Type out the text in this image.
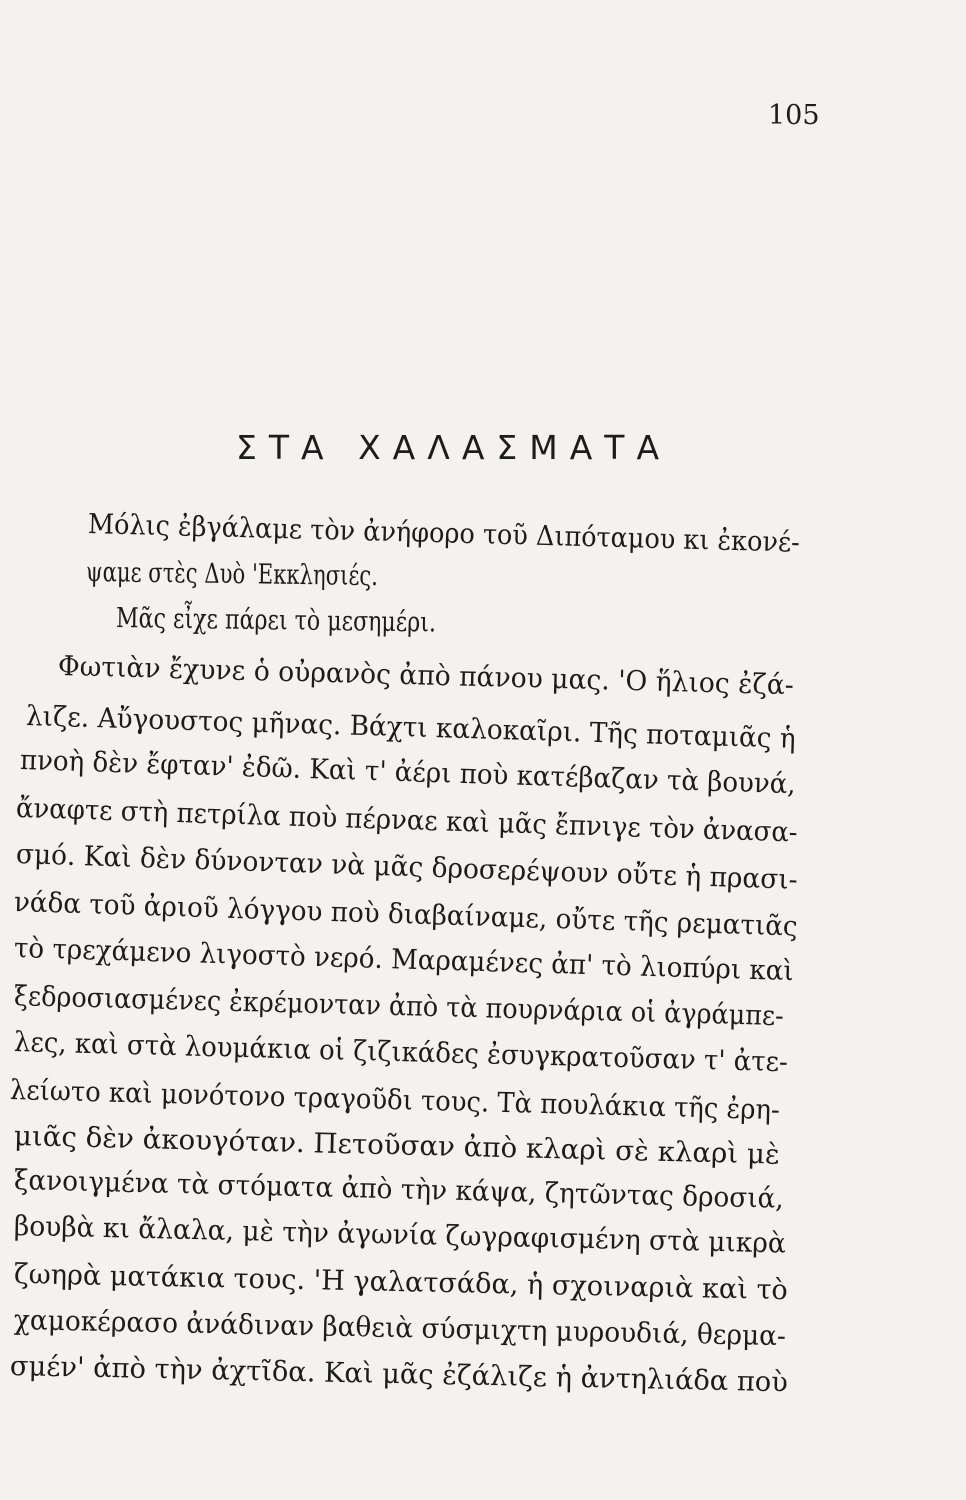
105
ΣΤΑ ΧΑΛΑΣΜΑΤΑ
Μόλις ἐβγάλαμε τὸν ἀνήφορο τοῦ Διπόταμου κι ἐκονέ-
ψαμε στὲς Δυὸ 'Εκκλησιές.
Μᾶς εἶχε πάρει τὸ μεσημέρι.
Φωτιὰν ἔχυνε ὁ οὐρανὸς ἀπὸ πάνου μας. 'Ο ἥλιος ἐζά-
λιζε. Αὔγουστος μῆνας. Βάχτι καλοκαῖρι. Τῆς ποταμιᾶς ἡ
πνοὴ δὲν ἔφταν' ἐδῶ. Καὶ τ' ἀέρι ποὺ κατέβαζαν τὰ βουνά,
ἄναφτε στὴ πετρίλα ποὺ πέρναε καὶ μᾶς ἔπνιγε τὸν ἀνασα-
σμό. Καὶ δὲν δύνονταν νὰ μᾶς δροσερέψουν οὔτε ἡ πρασι-
νάδα τοῦ ἀριοῦ λόγγου ποὺ διαβαίναμε, οὔτε τῆς ρεματιᾶς
τὸ τρεχάμενο λιγοστὸ νερό. Μαραμένες ἀπ' τὸ λιοπύρι καὶ
ξεδροσιασμένες ἐκρέμονταν ἀπὸ τὰ πουρνάρια οἱ ἀγράμπε-
λες, καὶ στὰ λουμάκια οἱ ζιζικάδες ἐσυγκρατοῦσαν τ' ἀτε-
λείωτο καὶ μονότονο τραγοῦδι τους. Τὰ πουλάκια τῆς ἐρη-
μιᾶς δὲν ἀκουγόταν. Πετοῦσαν ἀπὸ κλαρὶ σὲ κλαρὶ μὲ
ξανοιγμένα τὰ στόματα ἀπὸ τὴν κάψα, ζητῶντας δροσιά,
βουβὰ κι ἄλαλα, μὲ τὴν ἀγωνία ζωγραφισμένη στὰ μικρὰ
ζωηρὰ ματάκια τους. 'Η γαλατσάδα, ἡ σχοιναριὰ καὶ τὸ
χαμοκέρασο ἀνάδιναν βαθειὰ σύσμιχτη μυρουδιά, θερμα-
σμέν' ἀπὸ τὴν ἀχτῖδα. Καὶ μᾶς ἐζάλιζε ἡ ἀντηλιάδα ποὺ
